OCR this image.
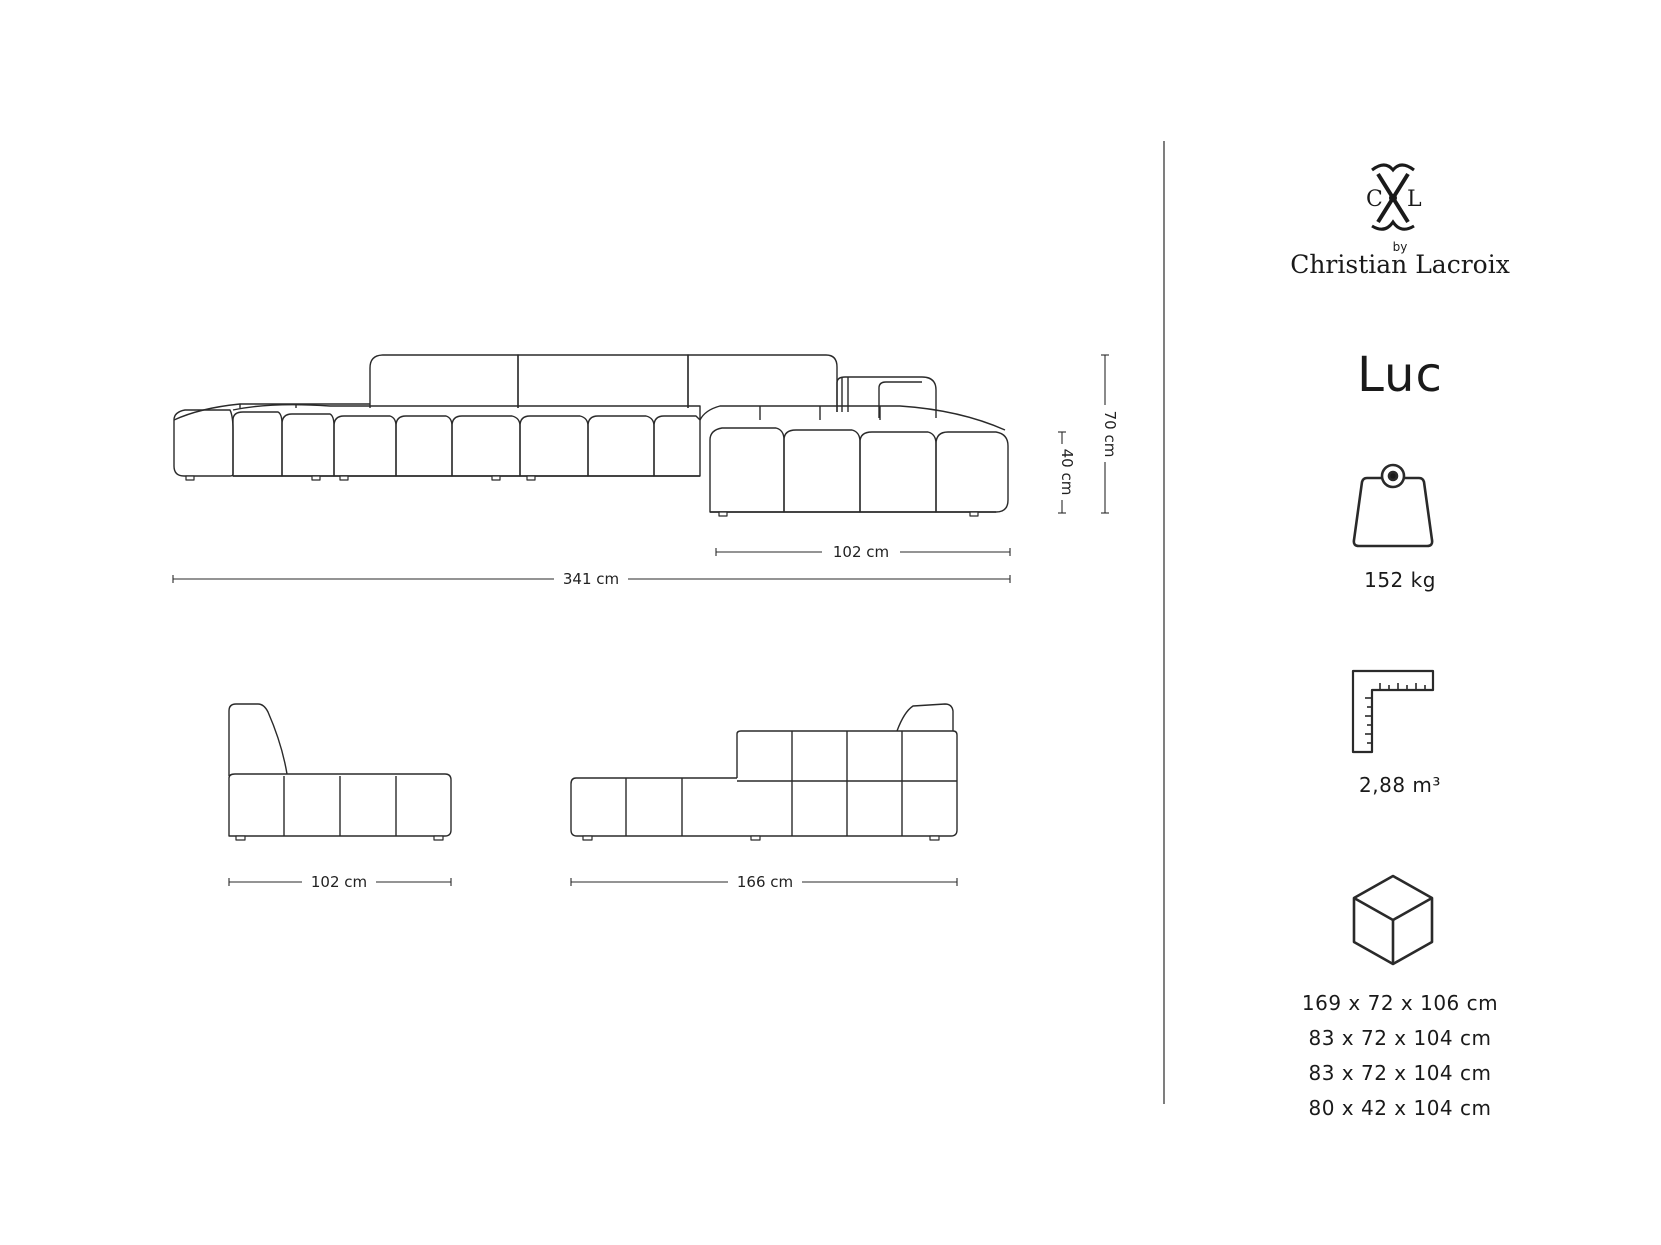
102 cm
341 cm
102 cm	166 cm
70 cm
40 cm
C L
by
Christian Lacroix
Luc
152 kg
2,88 m³
169 x 72 x 106 cm
83 x 72 x 104 cm
83 x 72 x 104 cm
80 x 42 x 104 cm
